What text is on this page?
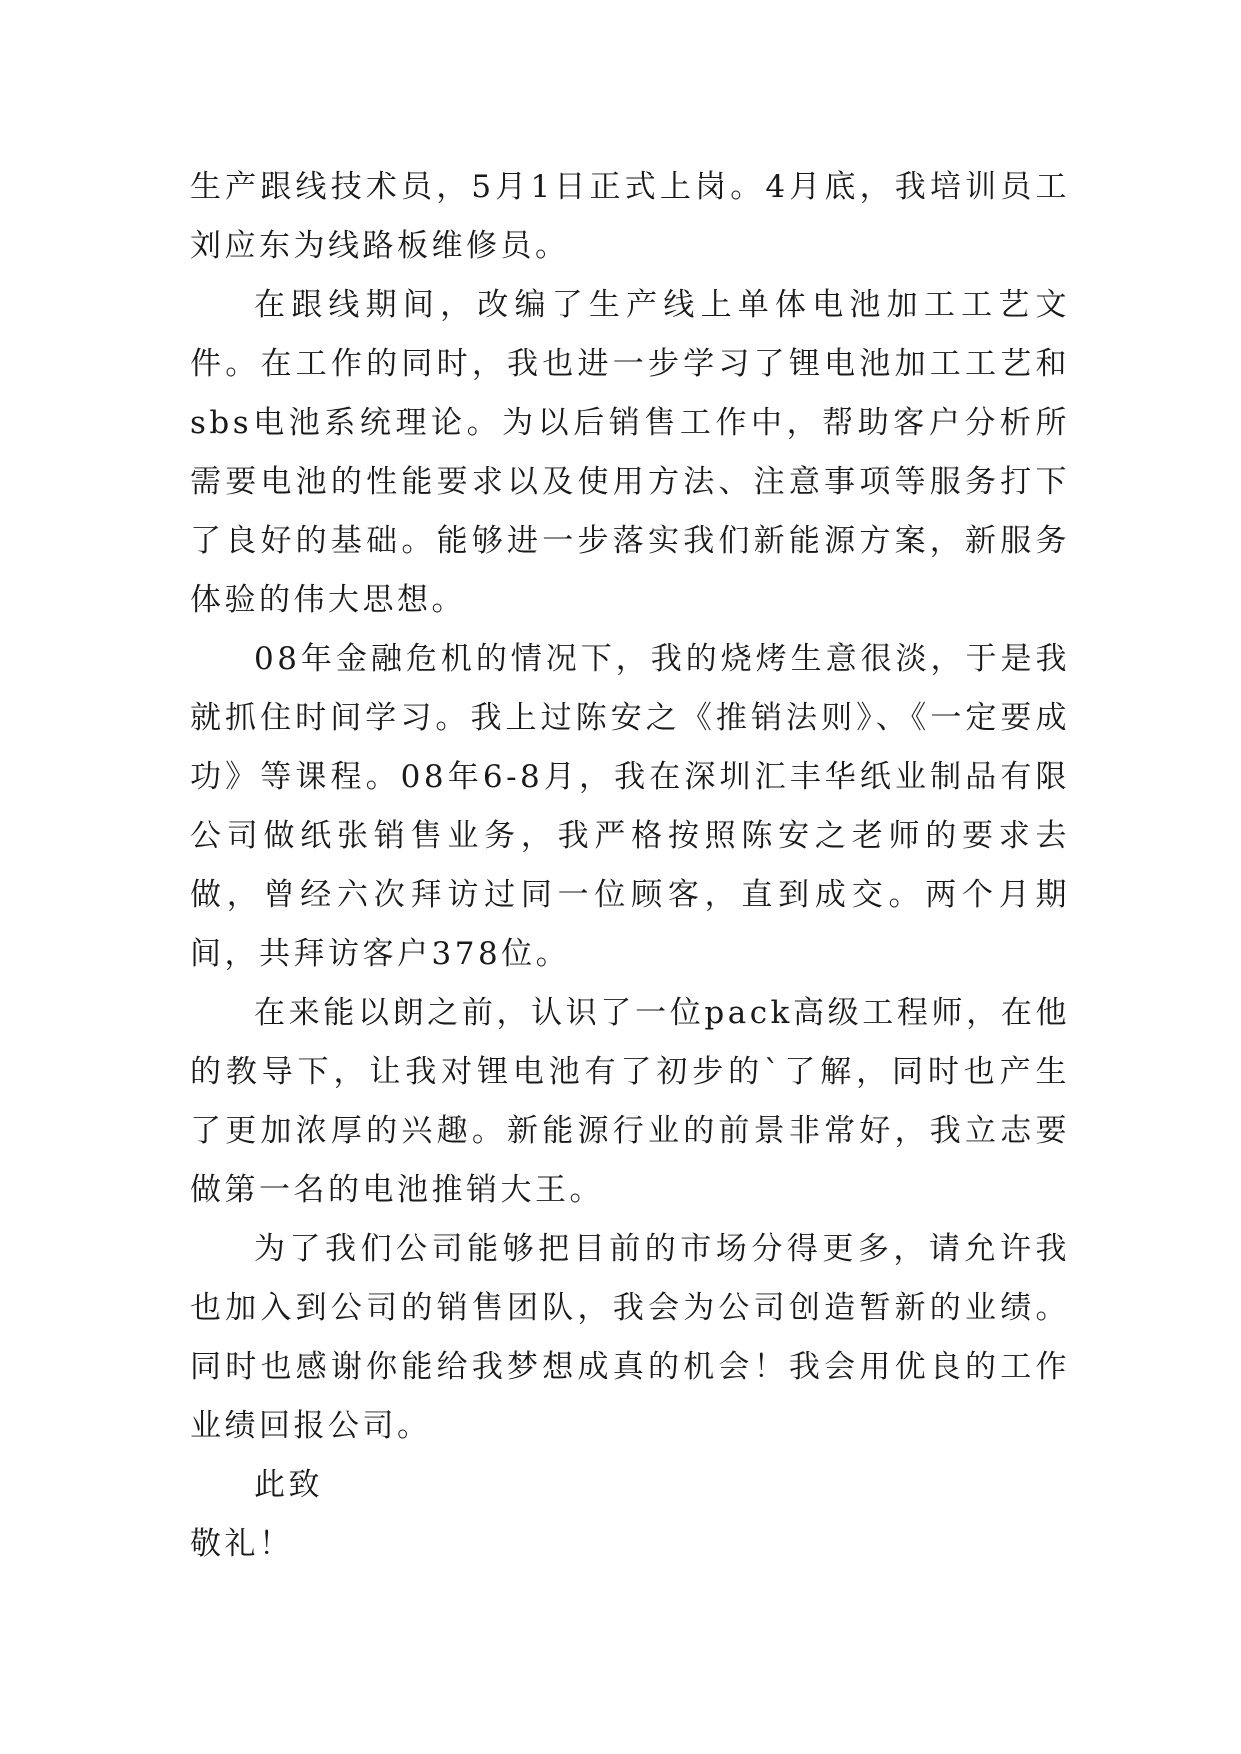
生产跟线技术员，5月1日正式上岗。4月底，我培训员工刘应东为线路板维修员。

在跟线期间，改编了生产线上单体电池加工工艺文件。在工作的同时，我也进一步学习了锂电池加工工艺和sbs电池系统理论。为以后销售工作中，帮助客户分析所需要电池的性能要求以及使用方法、注意事项等服务打下了良好的基础。能够进一步落实我们新能源方案，新服务体验的伟大思想。

08年金融危机的情况下，我的烧烤生意很淡，于是我就抓住时间学习。我上过陈安之《推销法则》、《一定要成功》等课程。08年6-8月，我在深圳汇丰华纸业制品有限公司做纸张销售业务，我严格按照陈安之老师的要求去做，曾经六次拜访过同一位顾客，直到成交。两个月期间，共拜访客户378位。

在来能以朗之前，认识了一位pack高级工程师，在他的教导下，让我对锂电池有了初步的`了解，同时也产生了更加浓厚的兴趣。新能源行业的前景非常好，我立志要做第一名的电池推销大王。

为了我们公司能够把目前的市场分得更多，请允许我也加入到公司的销售团队，我会为公司创造暂新的业绩。同时也感谢你能给我梦想成真的机会！我会用优良的工作业绩回报公司。

此致

敬礼！
